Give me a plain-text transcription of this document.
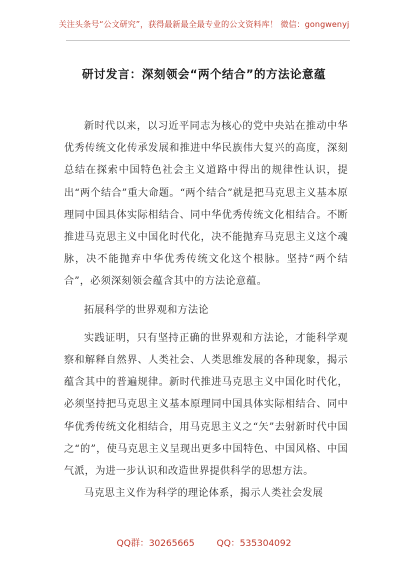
关注头条号“公文研究”，获得最新最全最专业的公文资料库！ 微信：gongwenyj
研讨发言：深刻领会“两个结合”的方法论意蕴

新时代以来，以习近平同志为核心的党中央站在推动中华优秀传统文化传承发展和推进中华民族伟大复兴的高度，深刻总结在探索中国特色社会主义道路中得出的规律性认识，提出“两个结合”重大命题。“两个结合”就是把马克思主义基本原理同中国具体实际相结合、同中华优秀传统文化相结合。不断推进马克思主义中国化时代化，决不能抛弃马克思主义这个魂脉，决不能抛弃中华优秀传统文化这个根脉。坚持“两个结合”，必须深刻领会蕴含其中的方法论意蕴。

拓展科学的世界观和方法论

实践证明，只有坚持正确的世界观和方法论，才能科学观察和解释自然界、人类社会、人类思维发展的各种现象，揭示蕴含其中的普遍规律。新时代推进马克思主义中国化时代化，必须坚持把马克思主义基本原理同中国具体实际相结合、同中华优秀传统文化相结合，用马克思主义之“矢”去射新时代中国之“的”，使马克思主义呈现出更多中国特色、中国风格、中国气派，为进一步认识和改造世界提供科学的思想方法。

马克思主义作为科学的理论体系，揭示人类社会发展

QQ群：30265665 QQ：535304092
